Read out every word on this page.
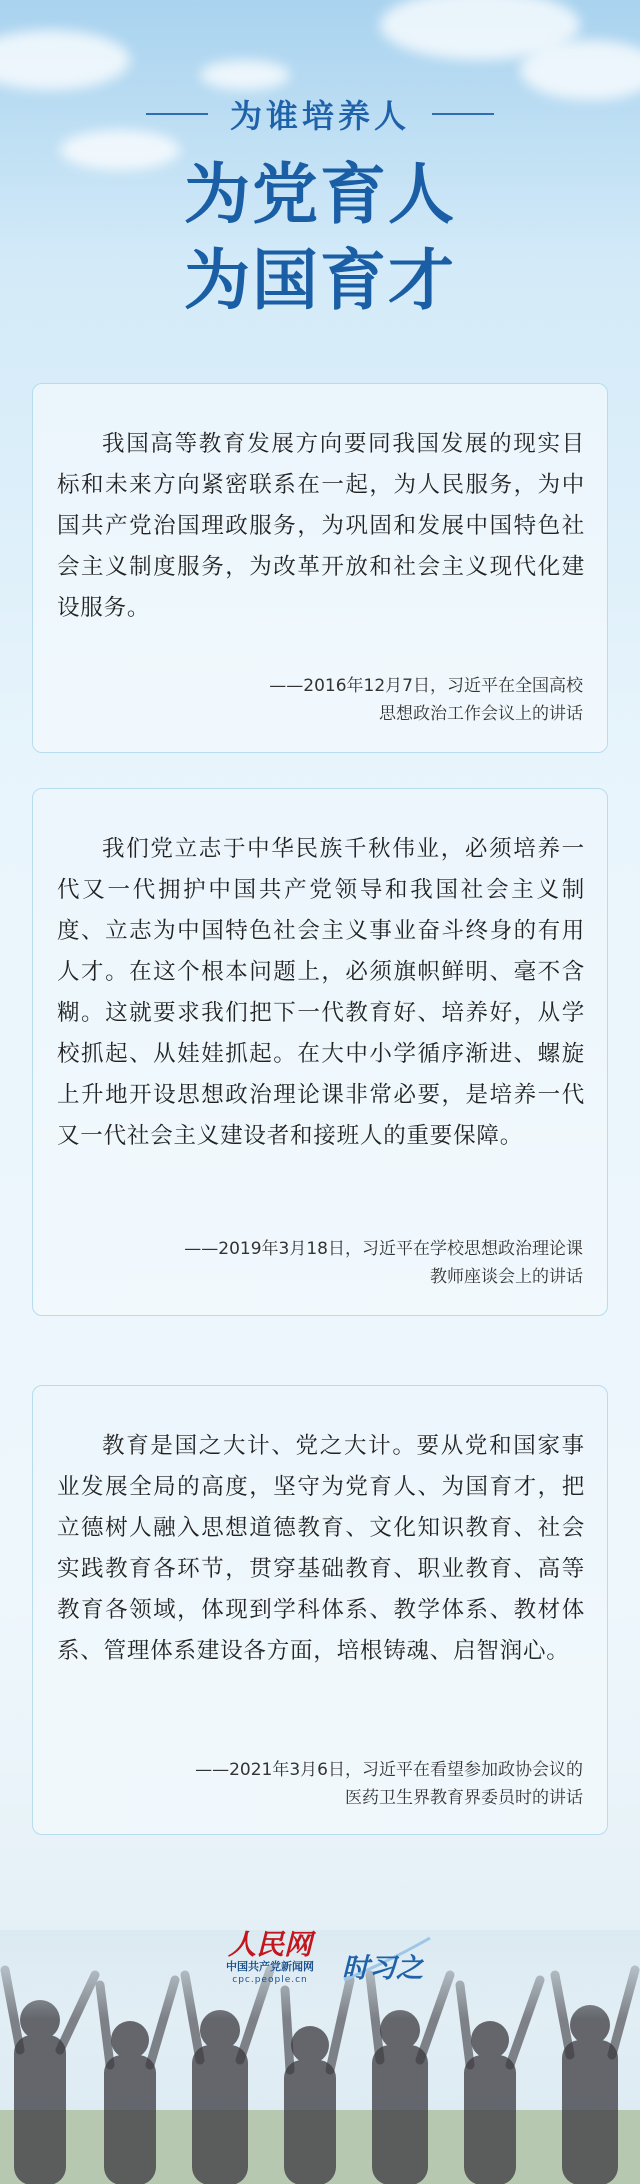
为谁培养人
为党育人
为国育才

我国高等教育发展方向要同我国发展的现实目标和未来方向紧密联系在一起，为人民服务，为中国共产党治国理政服务，为巩固和发展中国特色社会主义制度服务，为改革开放和社会主义现代化建设服务。

——2016年12月7日，习近平在全国高校
思想政治工作会议上的讲话

我们党立志于中华民族千秋伟业，必须培养一代又一代拥护中国共产党领导和我国社会主义制度、立志为中国特色社会主义事业奋斗终身的有用人才。在这个根本问题上，必须旗帜鲜明、毫不含糊。这就要求我们把下一代教育好、培养好，从学校抓起、从娃娃抓起。在大中小学循序渐进、螺旋上升地开设思想政治理论课非常必要，是培养一代又一代社会主义建设者和接班人的重要保障。

——2019年3月18日，习近平在学校思想政治理论课
教师座谈会上的讲话

教育是国之大计、党之大计。要从党和国家事业发展全局的高度，坚守为党育人、为国育才，把立德树人融入思想道德教育、文化知识教育、社会实践教育各环节，贯穿基础教育、职业教育、高等教育各领域，体现到学科体系、教学体系、教材体系、管理体系建设各方面，培根铸魂、启智润心。

——2021年3月6日，习近平在看望参加政协会议的
医药卫生界教育界委员时的讲话
人民网
中国共产党新闻网
cpc.people.cn	时习之
